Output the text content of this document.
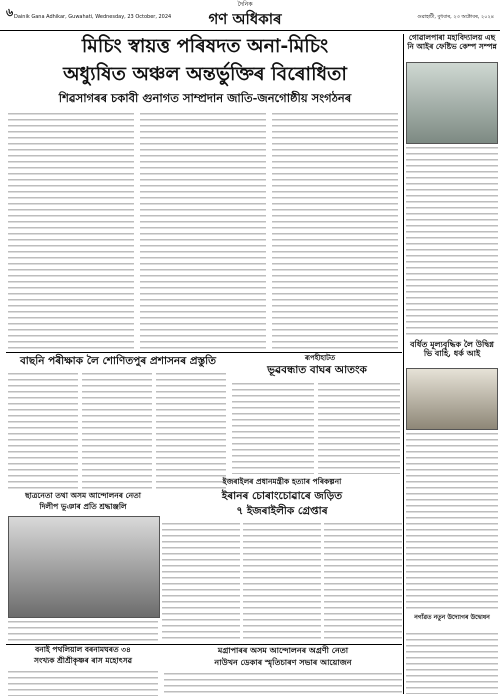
৬ Dainik Gana Adhikar, Guwahati, Wednesday, 23 October, 2024
দৈনিক
গণ অধিকাৰ	গুৱাহাটী, বুধবাৰ, ২৩ অক্টোবৰ, ২০২৪
মিচিং স্বায়ত্ত পৰিষদত অনা-মিচিং
অধ্যুষিত অঞ্চল অন্তৰ্ভুক্তিৰ বিৰোধিতা
শিৱসাগৰৰ চকাবী গুনাগত সাম্প্ৰদান জাতি-জনগোষ্ঠীয় সংগঠনৰ
গোৱালপাৰা মহাবিদ্যালয় এছ নি আইৰ ফেষ্টিভ কেম্প সম্পন্ন
বৰ্ধিত মূল্যবৃদ্ধিক লৈ উদ্বিগ্ন ভি বাহি, ধৰ্ক আই
নগাঁৱত নতুন উদ্যোগৰ উদ্বোধন
বাছনি পৰীক্ষাক লৈ শোণিতপুৰ প্ৰশাসনৰ প্ৰস্তুতি	ৰূপহীহাটত
ভূৱবন্ধাত বাঘৰ আতংক
ছাত্ৰনেতা তথা অসম আন্দোলনৰ নেতা
দিলীপ ভুঞাৰ প্ৰতি শ্ৰদ্ধাঞ্জলি
ইজৰাইলৰ প্ৰধানমন্ত্ৰীক হত্যাৰ পৰিকল্পনা
ইৰানৰ চোৰাংচোৱাৰে জড়িত
৭ ইজৰাইলীক গ্ৰেপ্তাৰ
বনাই পথলিয়াল বৰনামঘৰত ৩৪
সংখ্যক শ্ৰীশ্ৰীকৃষ্ণৰ ৰাস মহোৎসৱ
মগ্ৰাপাৰৰ অসম আন্দোলনৰ অগ্ৰণী নেতা
নাউখন ডেকাৰ স্মৃতিচাৰণ সভাৰ আয়োজন
